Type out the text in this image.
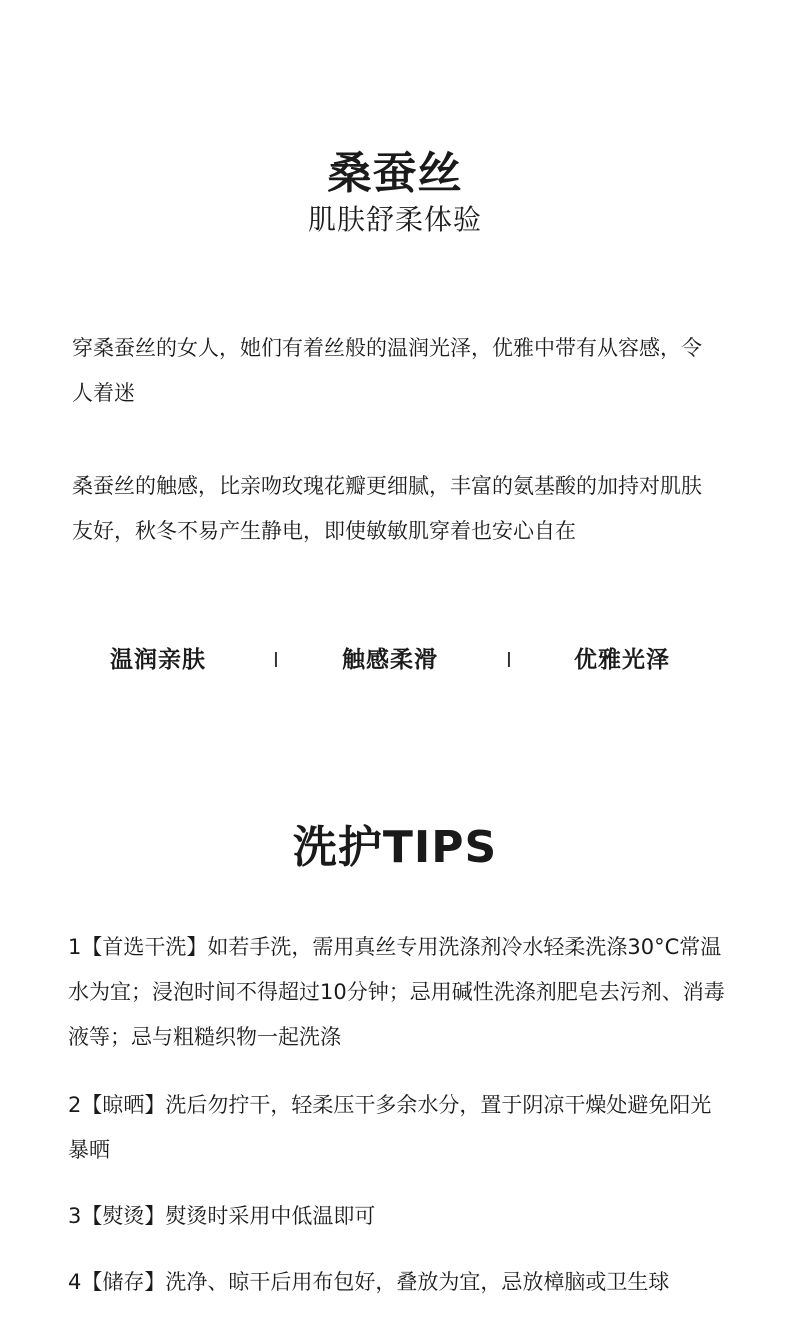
桑蚕丝
肌肤舒柔体验

穿桑蚕丝的女人，她们有着丝般的温润光泽，优雅中带有从容感，令人着迷

桑蚕丝的触感，比亲吻玫瑰花瓣更细腻，丰富的氨基酸的加持对肌肤友好，秋冬不易产生静电，即使敏敏肌穿着也安心自在

温润亲肤	I	触感柔滑	I	优雅光泽
洗护TIPS

1【首选干洗】如若手洗，需用真丝专用洗涤剂冷水轻柔洗涤30°C常温水为宜；浸泡时间不得超过10分钟；忌用碱性洗涤剂肥皂去污剂、消毒液等；忌与粗糙织物一起洗涤

2【晾晒】洗后勿拧干，轻柔压干多余水分，置于阴凉干燥处避免阳光暴晒

3【熨烫】熨烫时采用中低温即可

4【储存】洗净、晾干后用布包好，叠放为宜，忌放樟脑或卫生球
